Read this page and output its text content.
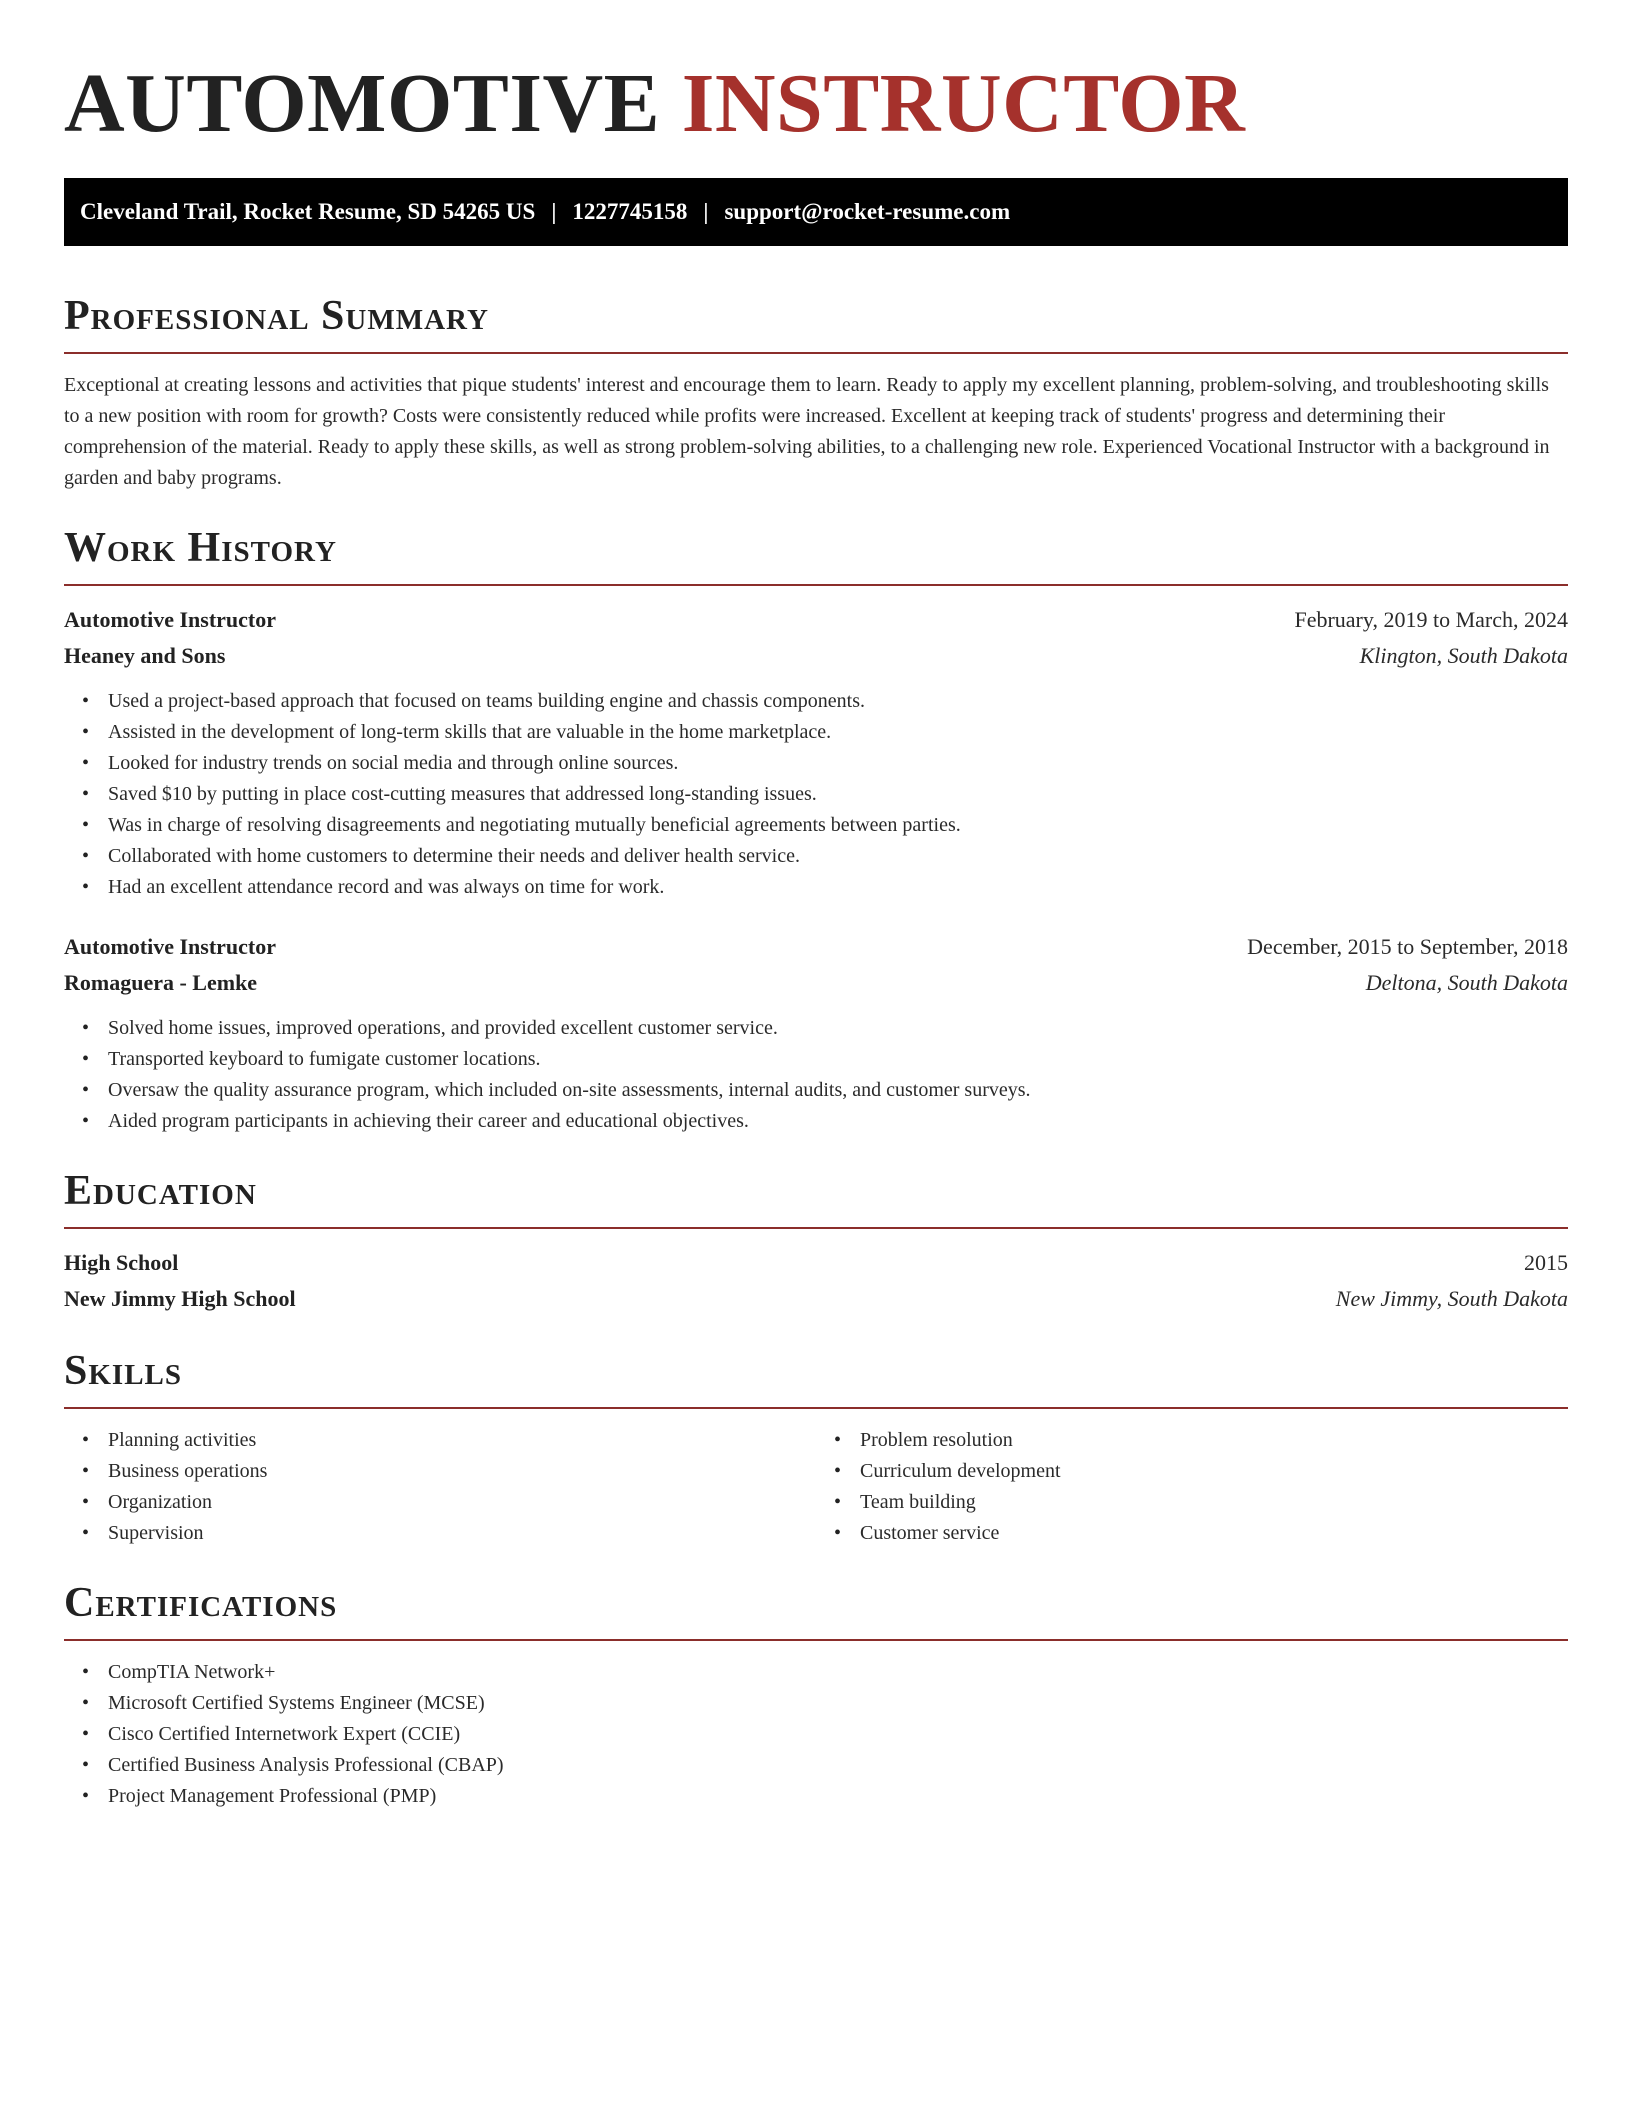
AUTOMOTIVE INSTRUCTOR
Cleveland Trail, Rocket Resume, SD 54265 US | 1227745158 | support@rocket-resume.com
Professional Summary

Exceptional at creating lessons and activities that pique students' interest and encourage them to learn. Ready to apply my excellent planning, problem-solving, and troubleshooting skills to a new position with room for growth? Costs were consistently reduced while profits were increased. Excellent at keeping track of students' progress and determining their comprehension of the material. Ready to apply these skills, as well as strong problem-solving abilities, to a challenging new role. Experienced Vocational Instructor with a background in garden and baby programs.

Work History
Automotive Instructor	February, 2019 to March, 2024
Heaney and Sons	Klington, South Dakota
• Used a project-based approach that focused on teams building engine and chassis components.
• Assisted in the development of long-term skills that are valuable in the home marketplace.
• Looked for industry trends on social media and through online sources.
• Saved $10 by putting in place cost-cutting measures that addressed long-standing issues.
• Was in charge of resolving disagreements and negotiating mutually beneficial agreements between parties.
• Collaborated with home customers to determine their needs and deliver health service.
• Had an excellent attendance record and was always on time for work.
Automotive Instructor	December, 2015 to September, 2018
Romaguera - Lemke	Deltona, South Dakota
• Solved home issues, improved operations, and provided excellent customer service.
• Transported keyboard to fumigate customer locations.
• Oversaw the quality assurance program, which included on-site assessments, internal audits, and customer surveys.
• Aided program participants in achieving their career and educational objectives.
Education
High School	2015
New Jimmy High School	New Jimmy, South Dakota
Skills
• Planning activities
• Business operations
• Organization
• Supervision
• Problem resolution
• Curriculum development
• Team building
• Customer service
Certifications
• CompTIA Network+
• Microsoft Certified Systems Engineer (MCSE)
• Cisco Certified Internetwork Expert (CCIE)
• Certified Business Analysis Professional (CBAP)
• Project Management Professional (PMP)
